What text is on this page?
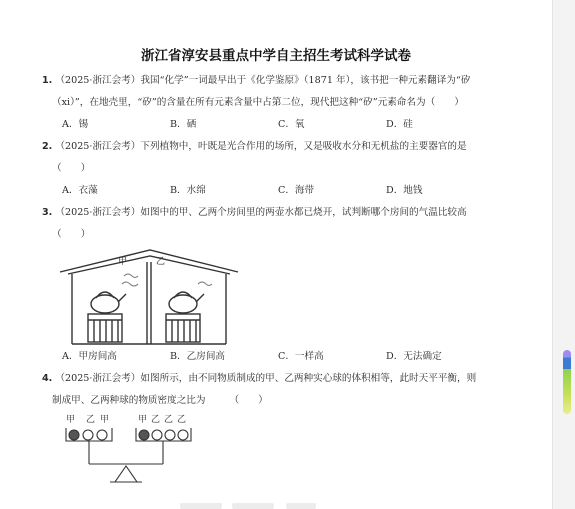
浙江省淳安县重点中学自主招生考试科学试卷
1. （2025·浙江会考）我国“化学”一词最早出于《化学鉴原》（1871 年），该书把一种元素翻译为“矽
（xi）”，在地壳里，“矽”的含量在所有元素含量中占第二位，现代把这种“矽”元素命名为（　　）
A．锡	B．硒	C．氧	D．硅
2. （2025·浙江会考）下列植物中，叶既是光合作用的场所，又是吸收水分和无机盐的主要器官的是
（　　）
A．衣藻	B．水绵	C．海带	D．地钱
3. （2025·浙江会考）如图中的甲、乙两个房间里的两壶水都已烧开，试判断哪个房间的气温比较高
（　　）
甲	乙
A．甲房间高	B．乙房间高	C．一样高	D．无法确定
4. （2025·浙江会考）如图所示，由不同物质制成的甲、乙两种实心球的体积相等，此时天平平衡，则
制成甲、乙两种球的物质密度之比为　　　（　　）
甲 乙 甲	甲 乙 乙 乙
